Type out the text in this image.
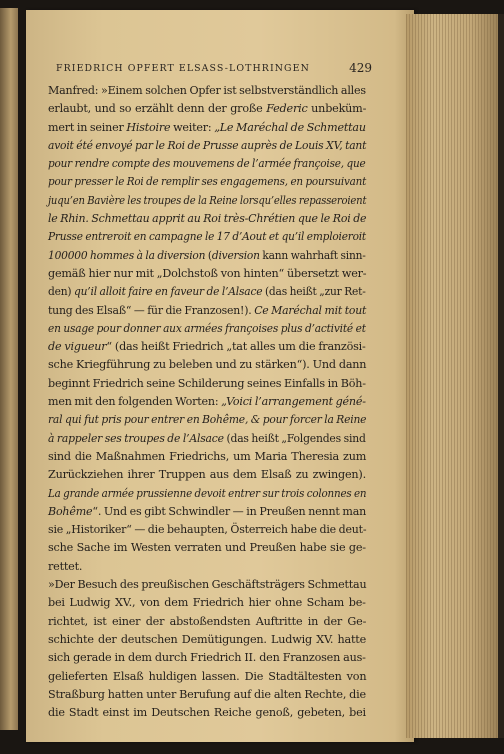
FRIEDRICH OPFERT ELSASS-LOTHRINGEN	429
Manfred: »Einem solchen Opfer ist selbstverständlich alles
erlaubt, und so erzählt denn der große Federic unbeküm-
mert in seiner Histoire weiter: „Le Maréchal de Schmettau
avoit été envoyé par le Roi de Prusse auprès de Louis XV, tant
pour rendre compte des mouvemens de l’armée françoise, que
pour presser le Roi de remplir ses engagemens, en poursuivant
juqu’en Bavière les troupes de la Reine lorsqu’elles repasseroient
le Rhin. Schmettau apprit au Roi très-Chrétien que le Roi de
Prusse entreroit en campagne le 17 d’Aout et qu’il emploieroit
100000 hommes à la diversion (diversion kann wahrhaft sinn-
gemäß hier nur mit „Dolchstoß von hinten“ übersetzt wer-
den) qu’il alloit faire en faveur de l’Alsace (das heißt „zur Ret-
tung des Elsaß“ — für die Franzosen!). Ce Maréchal mit tout
en usage pour donner aux armées françoises plus d’activité et
de vigueur“ (das heißt Friedrich „tat alles um die französi-
sche Kriegführung zu beleben und zu stärken“). Und dann
beginnt Friedrich seine Schilderung seines Einfalls in Böh-
men mit den folgenden Worten: „Voici l’arrangement géné-
ral qui fut pris pour entrer en Bohême, & pour forcer la Reine
à rappeler ses troupes de l’Alsace (das heißt „Folgendes sind
sind die Maßnahmen Friedrichs, um Maria Theresia zum
Zurückziehen ihrer Truppen aus dem Elsaß zu zwingen).
La grande armée prussienne devoit entrer sur trois colonnes en
Bohême“. Und es gibt Schwindler — in Preußen nennt man
sie „Historiker“ — die behaupten, Österreich habe die deut-
sche Sache im Westen verraten und Preußen habe sie ge-
rettet.
»Der Besuch des preußischen Geschäftsträgers Schmettau
bei Ludwig XV., von dem Friedrich hier ohne Scham be-
richtet, ist einer der abstoßendsten Auftritte in der Ge-
schichte der deutschen Demütigungen. Ludwig XV. hatte
sich gerade in dem durch Friedrich II. den Franzosen aus-
gelieferten Elsaß huldigen lassen. Die Stadtältesten von
Straßburg hatten unter Berufung auf die alten Rechte, die
die Stadt einst im Deutschen Reiche genoß, gebeten, bei
